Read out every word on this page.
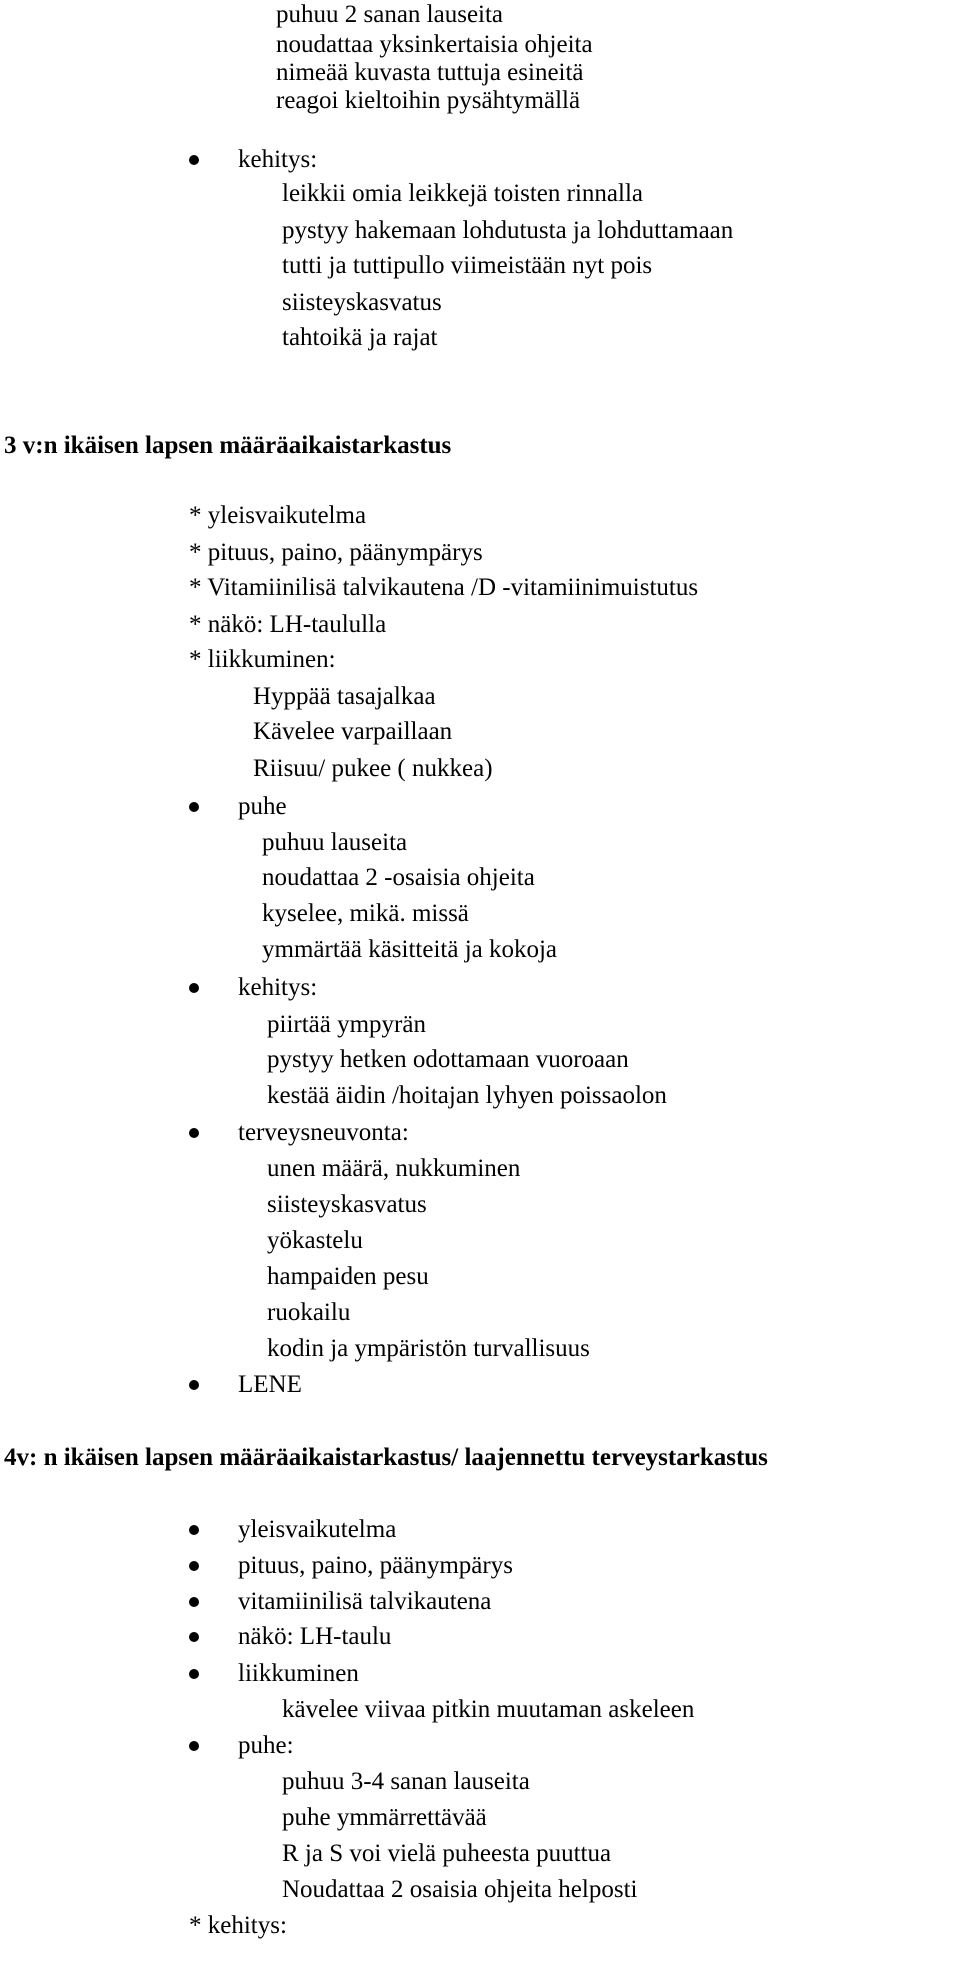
puhuu 2 sanan lauseita
noudattaa yksinkertaisia ohjeita
nimeää kuvasta tuttuja esineitä
reagoi kieltoihin pysähtymällä
kehitys:
leikkii omia leikkejä toisten rinnalla
pystyy hakemaan lohdutusta ja lohduttamaan
tutti ja tuttipullo viimeistään nyt pois
siisteyskasvatus
tahtoikä ja rajat
3 v:n ikäisen lapsen määräaikaistarkastus
* yleisvaikutelma
* pituus, paino, päänympärys
* Vitamiinilisä talvikautena /D -vitamiinimuistutus
* näkö: LH-taululla
* liikkuminen:
Hyppää tasajalkaa
Kävelee varpaillaan
Riisuu/ pukee ( nukkea)
puhe
puhuu lauseita
noudattaa 2 -osaisia ohjeita
kyselee, mikä. missä
ymmärtää käsitteitä ja kokoja
kehitys:
piirtää ympyrän
pystyy hetken odottamaan vuoroaan
kestää äidin /hoitajan lyhyen poissaolon
terveysneuvonta:
unen määrä, nukkuminen
siisteyskasvatus
yökastelu
hampaiden pesu
ruokailu
kodin ja ympäristön turvallisuus
LENE
4v: n ikäisen lapsen määräaikaistarkastus/ laajennettu terveystarkastus
yleisvaikutelma
pituus, paino, päänympärys
vitamiinilisä talvikautena
näkö: LH-taulu
liikkuminen
kävelee viivaa pitkin muutaman askeleen
puhe:
puhuu 3-4 sanan lauseita
puhe ymmärrettävää
R ja S voi vielä puheesta puuttua
Noudattaa 2 osaisia ohjeita helposti
* kehitys:
